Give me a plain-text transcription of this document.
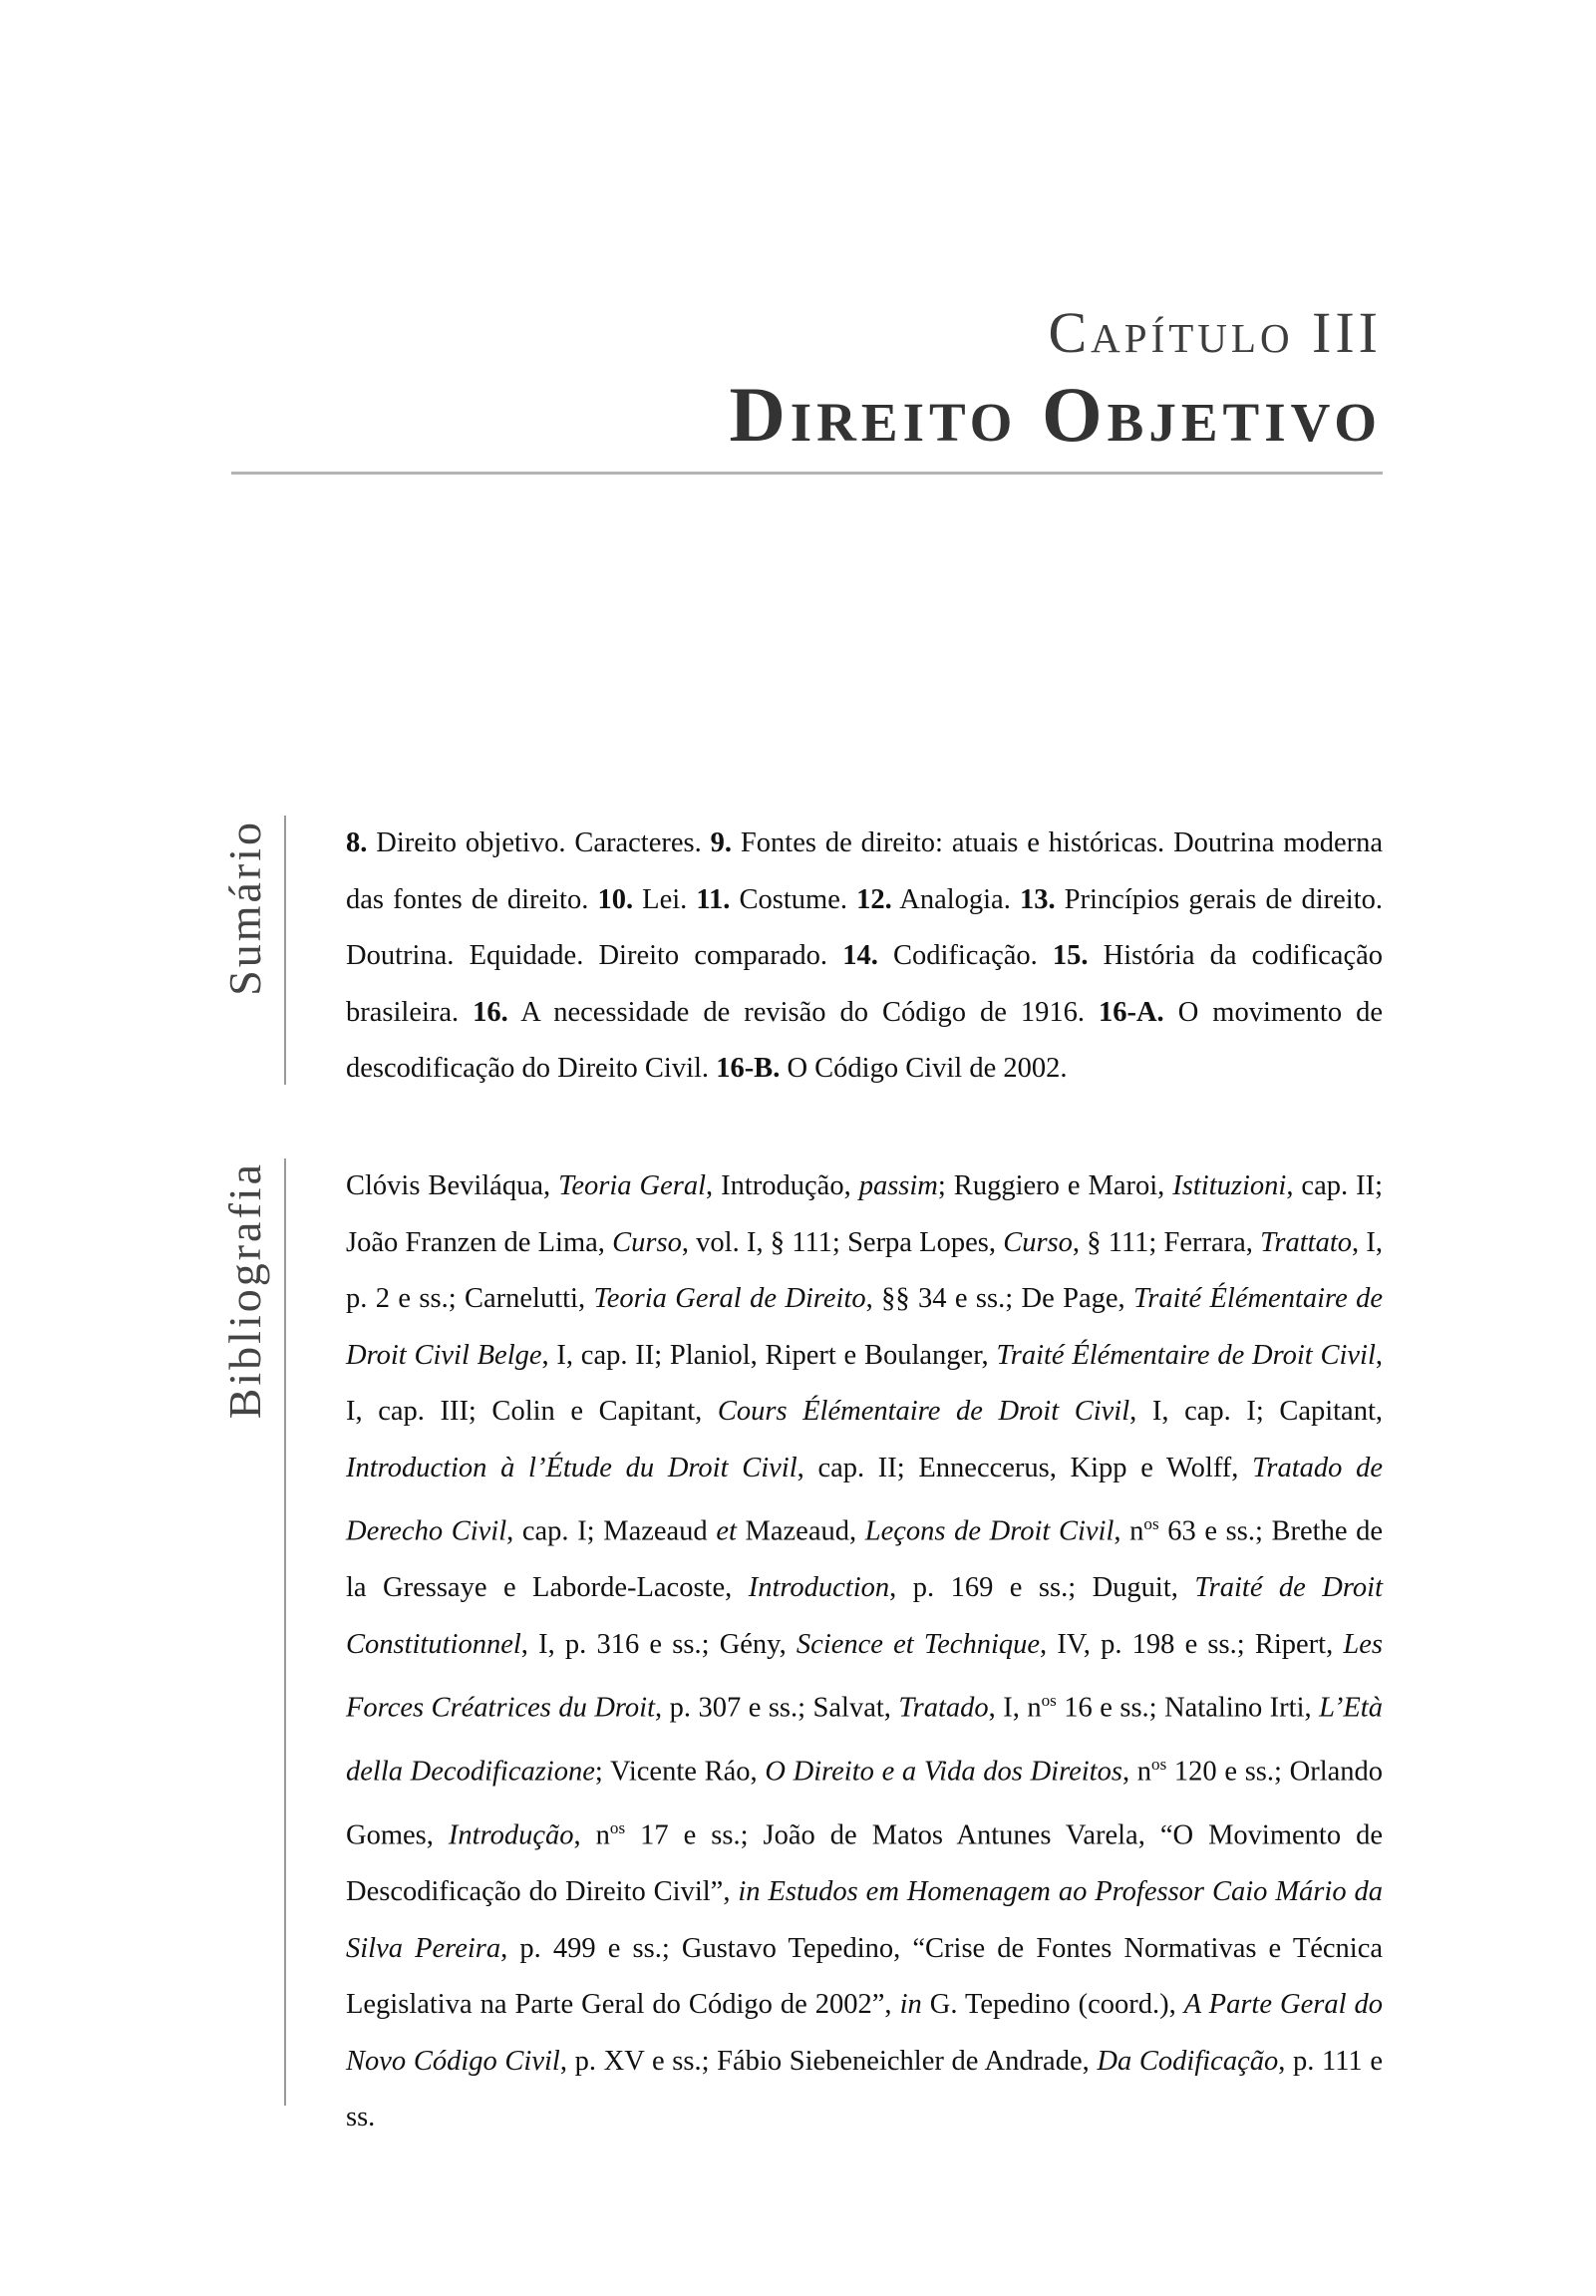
Capítulo III
Direito Objetivo
Sumário	8. Direito objetivo. Caracteres. 9. Fontes de direito: atuais e históricas. Doutrina moderna das fontes de direito. 10. Lei. 11. Costume. 12. Analogia. 13. Princípios gerais de direito. Doutrina. Equidade. Direito comparado. 14. Codificação. 15. História da codificação brasileira. 16. A necessidade de revisão do Código de 1916. 16-A. O movimento de descodificação do Direito Civil. 16-B. O Código Civil de 2002.
Bibliografia	Clóvis Beviláqua, Teoria Geral, Introdução, passim; Ruggiero e Maroi, Istituzioni, cap. II; João Franzen de Lima, Curso, vol. I, § 111; Serpa Lopes, Curso, § 111; Ferrara, Trattato, I, p. 2 e ss.; Carnelutti, Teoria Geral de Direito, §§ 34 e ss.; De Page, Traité Élémentaire de Droit Civil Belge, I, cap. II; Planiol, Ripert e Boulanger, Traité Élémentaire de Droit Civil, I, cap. III; Colin e Capitant, Cours Élémentaire de Droit Civil, I, cap. I; Capitant, Introduction à l’Étude du Droit Civil, cap. II; Enneccerus, Kipp e Wolff, Tratado de Derecho Civil, cap. I; Mazeaud et Mazeaud, Leçons de Droit Civil, $n^{os}$ 63 e ss.; Brethe de la Gressaye e Laborde-Lacoste, Introduction, p. 169 e ss.; Duguit, Traité de Droit Constitutionnel, I, p. 316 e ss.; Gény, Science et Technique, IV, p. 198 e ss.; Ripert, Les Forces Créatrices du Droit, p. 307 e ss.; Salvat, Tratado, I, $n^{os}$ 16 e ss.; Natalino Irti, L’Età della Decodificazione; Vicente Ráo, O Direito e a Vida dos Direitos, $n^{os}$ 120 e ss.; Orlando Gomes, Introdução, $n^{os}$ 17 e ss.; João de Matos Antunes Varela, “O Movimento de Descodificação do Direito Civil”, in Estudos em Homenagem ao Professor Caio Mário da Silva Pereira, p. 499 e ss.; Gustavo Tepedino, “Crise de Fontes Normativas e Técnica Legislativa na Parte Geral do Código de 2002”, in G. Tepedino (coord.), A Parte Geral do Novo Código Civil, p. XV e ss.; Fábio Siebeneichler de Andrade, Da Codificação, p. 111 e ss.
